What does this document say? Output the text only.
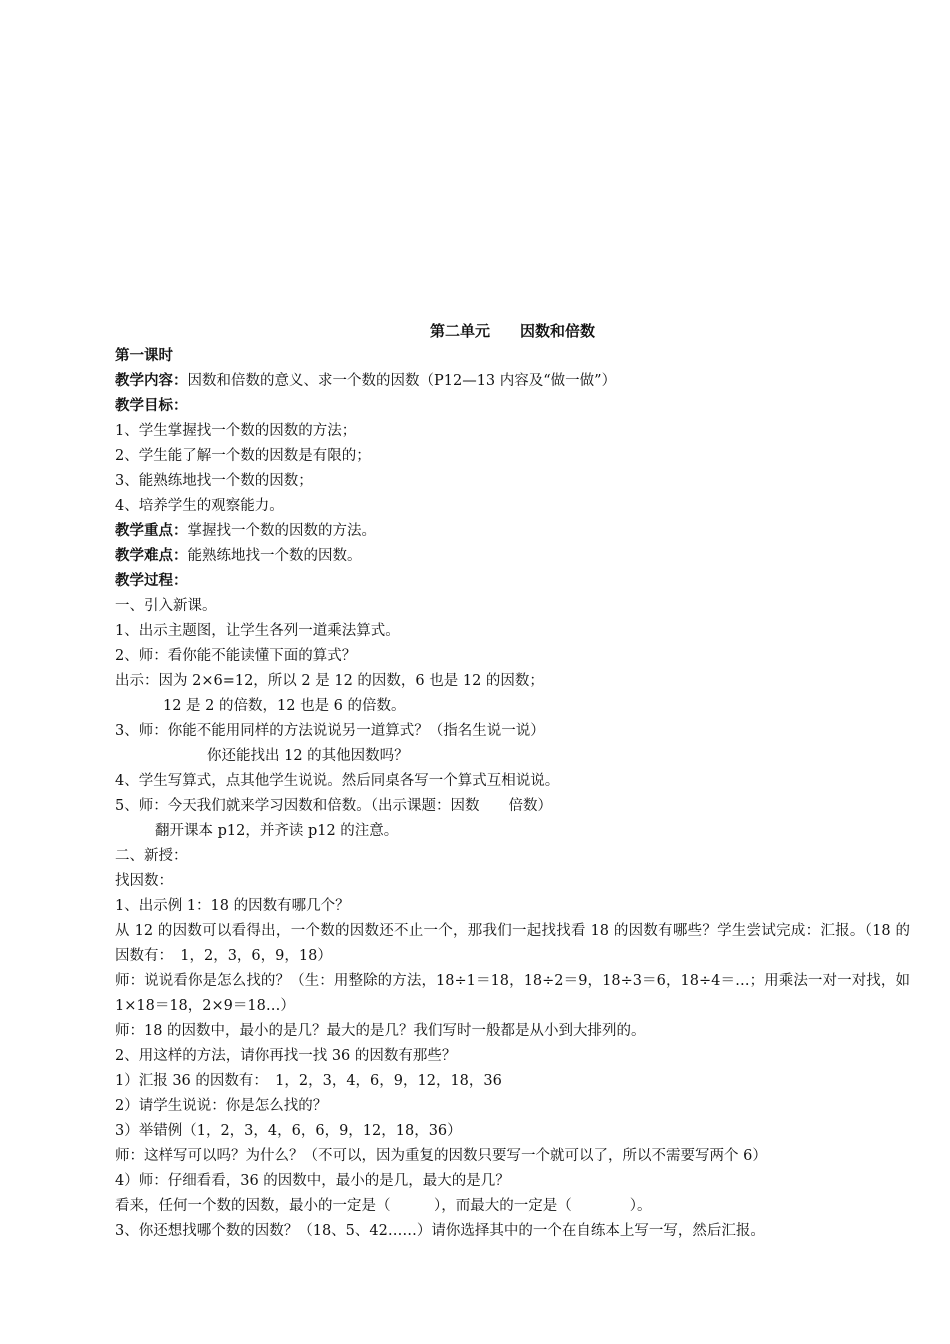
第二单元　　因数和倍数
第一课时
教学内容：因数和倍数的意义、求一个数的因数（P12—13 内容及“做一做”）
教学目标：
1、学生掌握找一个数的因数的方法；
2、学生能了解一个数的因数是有限的；
3、能熟练地找一个数的因数；
4、培养学生的观察能力。
教学重点：掌握找一个数的因数的方法。
教学难点：能熟练地找一个数的因数。
教学过程：
一、引入新课。
1、出示主题图，让学生各列一道乘法算式。
2、师：看你能不能读懂下面的算式？
出示：因为 2×6=12，所以 2 是 12 的因数，6 也是 12 的因数；
12 是 2 的倍数，12 也是 6 的倍数。
3、师：你能不能用同样的方法说说另一道算式？（指名生说一说）
你还能找出 12 的其他因数吗？
4、学生写算式，点其他学生说说。然后同桌各写一个算式互相说说。
5、师：今天我们就来学习因数和倍数。（出示课题：因数　　倍数）
翻开课本 p12，并齐读 p12 的注意。
二、新授：
找因数：
1、出示例 1：18 的因数有哪几个？
从 12 的因数可以看得出，一个数的因数还不止一个，那我们一起找找看 18 的因数有哪些？学生尝试完成：汇报。（18 的因数有：　1，2，3，6，9，18）
师：说说看你是怎么找的？（生：用整除的方法，18÷1＝18，18÷2＝9，18÷3＝6，18÷4＝…；用乘法一对一对找，如 1×18＝18，2×9＝18…）
师：18 的因数中，最小的是几？最大的是几？我们写时一般都是从小到大排列的。
2、用这样的方法，请你再找一找 36 的因数有那些？
1）汇报 36 的因数有：　1，2，3，4，6，9，12，18，36
2）请学生说说：你是怎么找的？
3）举错例（1，2，3，4，6，6，9，12，18，36）
师：这样写可以吗？为什么？（不可以，因为重复的因数只要写一个就可以了，所以不需要写两个 6）
4）师：仔细看看，36 的因数中，最小的是几，最大的是几？
看来，任何一个数的因数，最小的一定是（　　　），而最大的一定是（　　　　）。
3、你还想找哪个数的因数？（18、5、42……）请你选择其中的一个在自练本上写一写，然后汇报。
